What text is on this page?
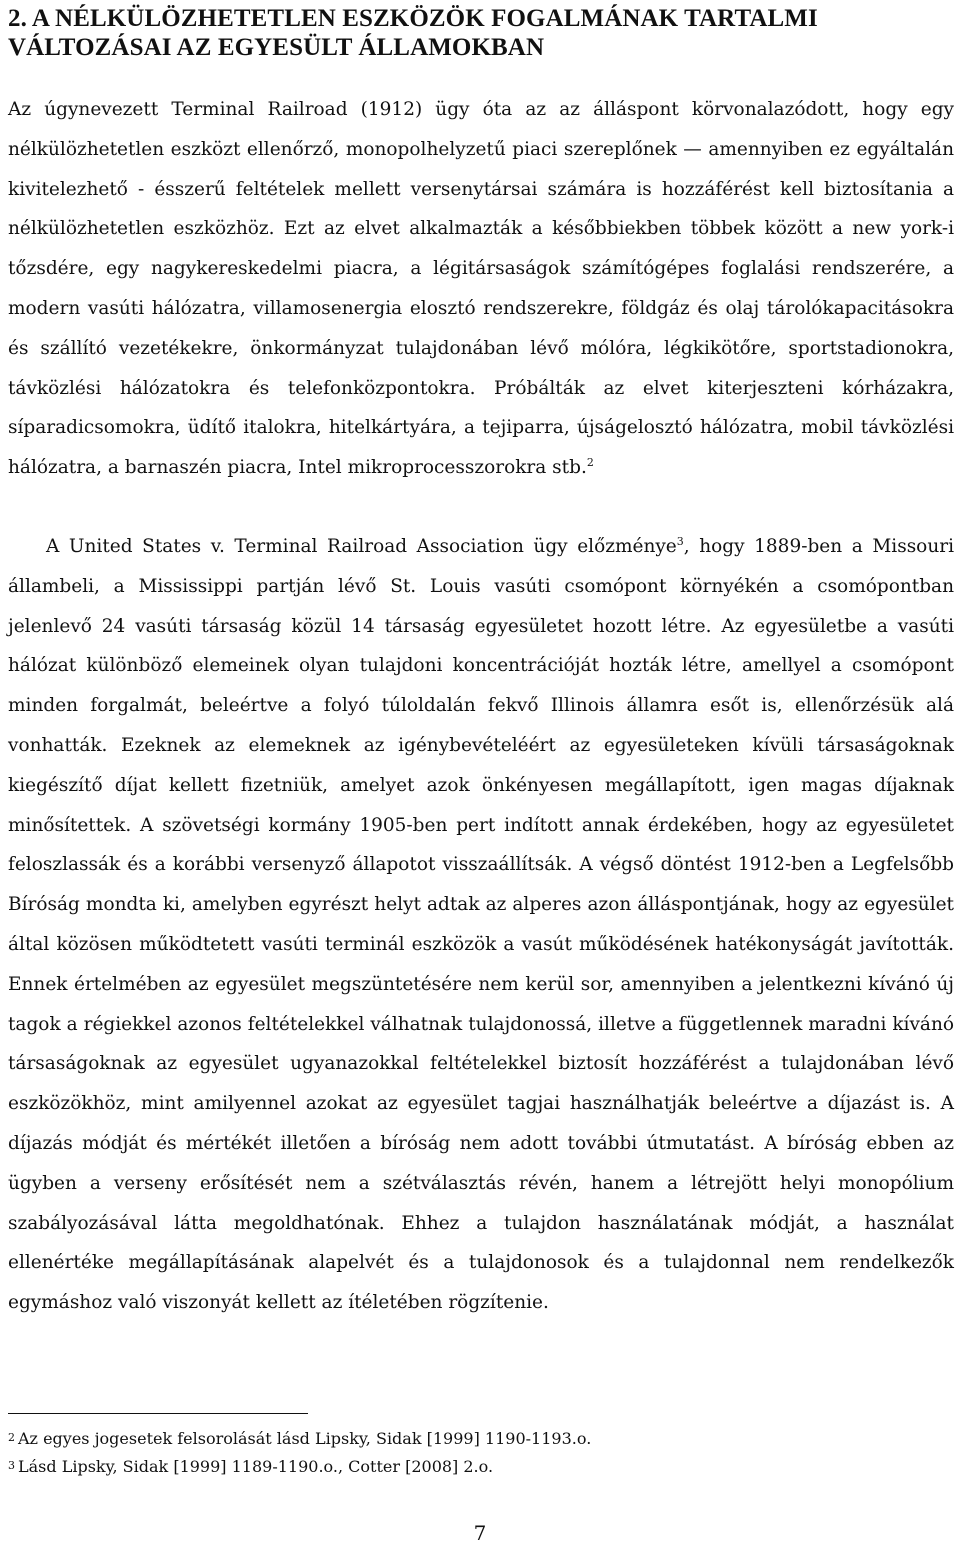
2. A NÉLKÜLÖZHETETLEN ESZKÖZÖK FOGALMÁNAK TARTALMI VÁLTOZÁSAI AZ EGYESÜLT ÁLLAMOKBAN

Az úgynevezett Terminal Railroad (1912) ügy óta az az álláspont körvonalazódott, hogy egy nélkülözhetetlen eszközt ellenőrző, monopolhelyzetű piaci szereplőnek — amennyiben ez egyáltalán kivitelezhető - ésszerű feltételek mellett versenytársai számára is hozzáférést kell biztosítania a nélkülözhetetlen eszközhöz. Ezt az elvet alkalmazták a későbbiekben többek között a new york-i tőzsdére, egy nagykereskedelmi piacra, a légitársaságok számítógépes foglalási rendszerére, a modern vasúti hálózatra, villamosenergia elosztó rendszerekre, földgáz és olaj tárolókapacitásokra és szállító vezetékekre, önkormányzat tulajdonában lévő mólóra, légkikötőre, sportstadionokra, távközlési hálózatokra és telefonközpontokra. Próbálták az elvet kiterjeszteni kórházakra, síparadicsomokra, üdítő italokra, hitelkártyára, a tejiparra, újságelosztó hálózatra, mobil távközlési hálózatra, a barnaszén piacra, Intel mikroprocesszorokra stb.$^2$

A United States v. Terminal Railroad Association ügy előzménye$^3$, hogy 1889-ben a Missouri állambeli, a Mississippi partján lévő St. Louis vasúti csomópont környékén a csomópontban jelenlevő 24 vasúti társaság közül 14 társaság egyesületet hozott létre. Az egyesületbe a vasúti hálózat különböző elemeinek olyan tulajdoni koncentrációját hozták létre, amellyel a csomópont minden forgalmát, beleértve a folyó túloldalán fekvő Illinois államra esőt is, ellenőrzésük alá vonhatták. Ezeknek az elemeknek az igénybevételéért az egyesületeken kívüli társaságoknak kiegészítő díjat kellett fizetniük, amelyet azok önkényesen megállapított, igen magas díjaknak minősítettek. A szövetségi kormány 1905-ben pert indított annak érdekében, hogy az egyesületet feloszlassák és a korábbi versenyző állapotot visszaállítsák. A végső döntést 1912-ben a Legfelsőbb Bíróság mondta ki, amelyben egyrészt helyt adtak az alperes azon álláspontjának, hogy az egyesület által közösen működtetett vasúti terminál eszközök a vasút működésének hatékonyságát javították. Ennek értelmében az egyesület megszüntetésére nem kerül sor, amennyiben a jelentkezni kívánó új tagok a régiekkel azonos feltételekkel válhatnak tulajdonossá, illetve a függetlennek maradni kívánó társaságoknak az egyesület ugyanazokkal feltételekkel biztosít hozzáférést a tulajdonában lévő eszközökhöz, mint amilyennel azokat az egyesület tagjai használhatják beleértve a díjazást is. A díjazás módját és mértékét illetően a bíróság nem adott további útmutatást. A bíróság ebben az ügyben a verseny erősítését nem a szétválasztás révén, hanem a létrejött helyi monopólium szabályozásával látta megoldhatónak. Ehhez a tulajdon használatának módját, a használat ellenértéke megállapításának alapelvét és a tulajdonosok és a tulajdonnal nem rendelkezők egymáshoz való viszonyát kellett az ítéletében rögzítenie.

2 Az egyes jogesetek felsorolását lásd Lipsky, Sidak [1999] 1190-1193.o.
3 Lásd Lipsky, Sidak [1999] 1189-1190.o., Cotter [2008] 2.o.
7
